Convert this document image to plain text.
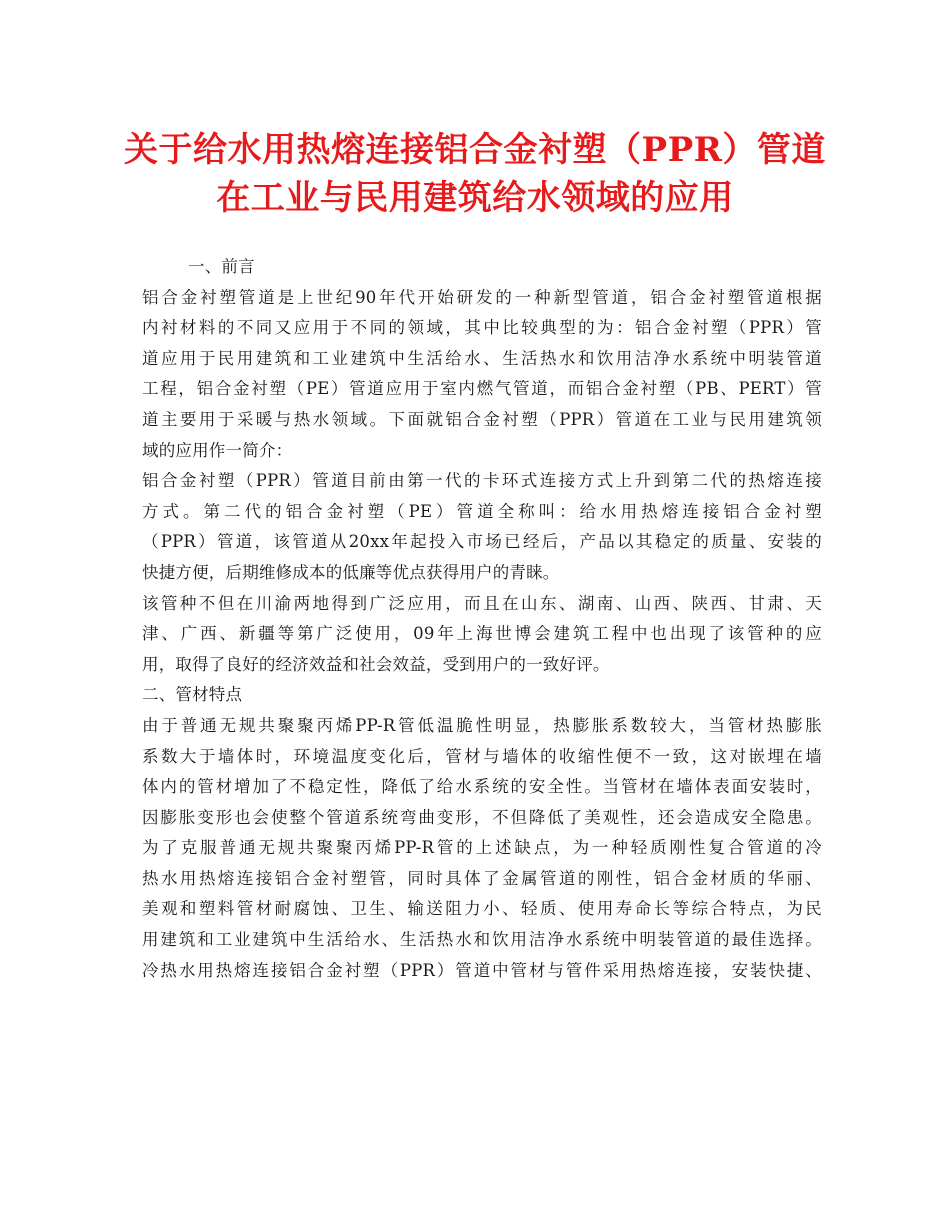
关于给水用热熔连接铝合金衬塑（PPR）管道
在工业与民用建筑给水领域的应用
一、前言
铝合金衬塑管道是上世纪90年代开始研发的一种新型管道，铝合金衬塑管道根据
内衬材料的不同又应用于不同的领域，其中比较典型的为：铝合金衬塑（PPR）管
道应用于民用建筑和工业建筑中生活给水、生活热水和饮用洁净水系统中明装管道
工程，铝合金衬塑（PE）管道应用于室内燃气管道，而铝合金衬塑（PB、PERT）管
道主要用于采暖与热水领域。下面就铝合金衬塑（PPR）管道在工业与民用建筑领
域的应用作一简介：
铝合金衬塑（PPR）管道目前由第一代的卡环式连接方式上升到第二代的热熔连接
方式。第二代的铝合金衬塑（PE）管道全称叫：给水用热熔连接铝合金衬塑
（PPR）管道，该管道从20xx年起投入市场已经后，产品以其稳定的质量、安装的
快捷方便，后期维修成本的低廉等优点获得用户的青睐。
该管种不但在川渝两地得到广泛应用，而且在山东、湖南、山西、陕西、甘肃、天
津、广西、新疆等第广泛使用，09年上海世博会建筑工程中也出现了该管种的应
用，取得了良好的经济效益和社会效益，受到用户的一致好评。
二、管材特点
由于普通无规共聚聚丙烯PP-R管低温脆性明显，热膨胀系数较大，当管材热膨胀
系数大于墙体时，环境温度变化后，管材与墙体的收缩性便不一致，这对嵌埋在墙
体内的管材增加了不稳定性，降低了给水系统的安全性。当管材在墙体表面安装时，
因膨胀变形也会使整个管道系统弯曲变形，不但降低了美观性，还会造成安全隐患。
为了克服普通无规共聚聚丙烯PP-R管的上述缺点，为一种轻质刚性复合管道的冷
热水用热熔连接铝合金衬塑管，同时具体了金属管道的刚性，铝合金材质的华丽、
美观和塑料管材耐腐蚀、卫生、输送阻力小、轻质、使用寿命长等综合特点，为民
用建筑和工业建筑中生活给水、生活热水和饮用洁净水系统中明装管道的最佳选择。
冷热水用热熔连接铝合金衬塑（PPR）管道中管材与管件采用热熔连接，安装快捷、
